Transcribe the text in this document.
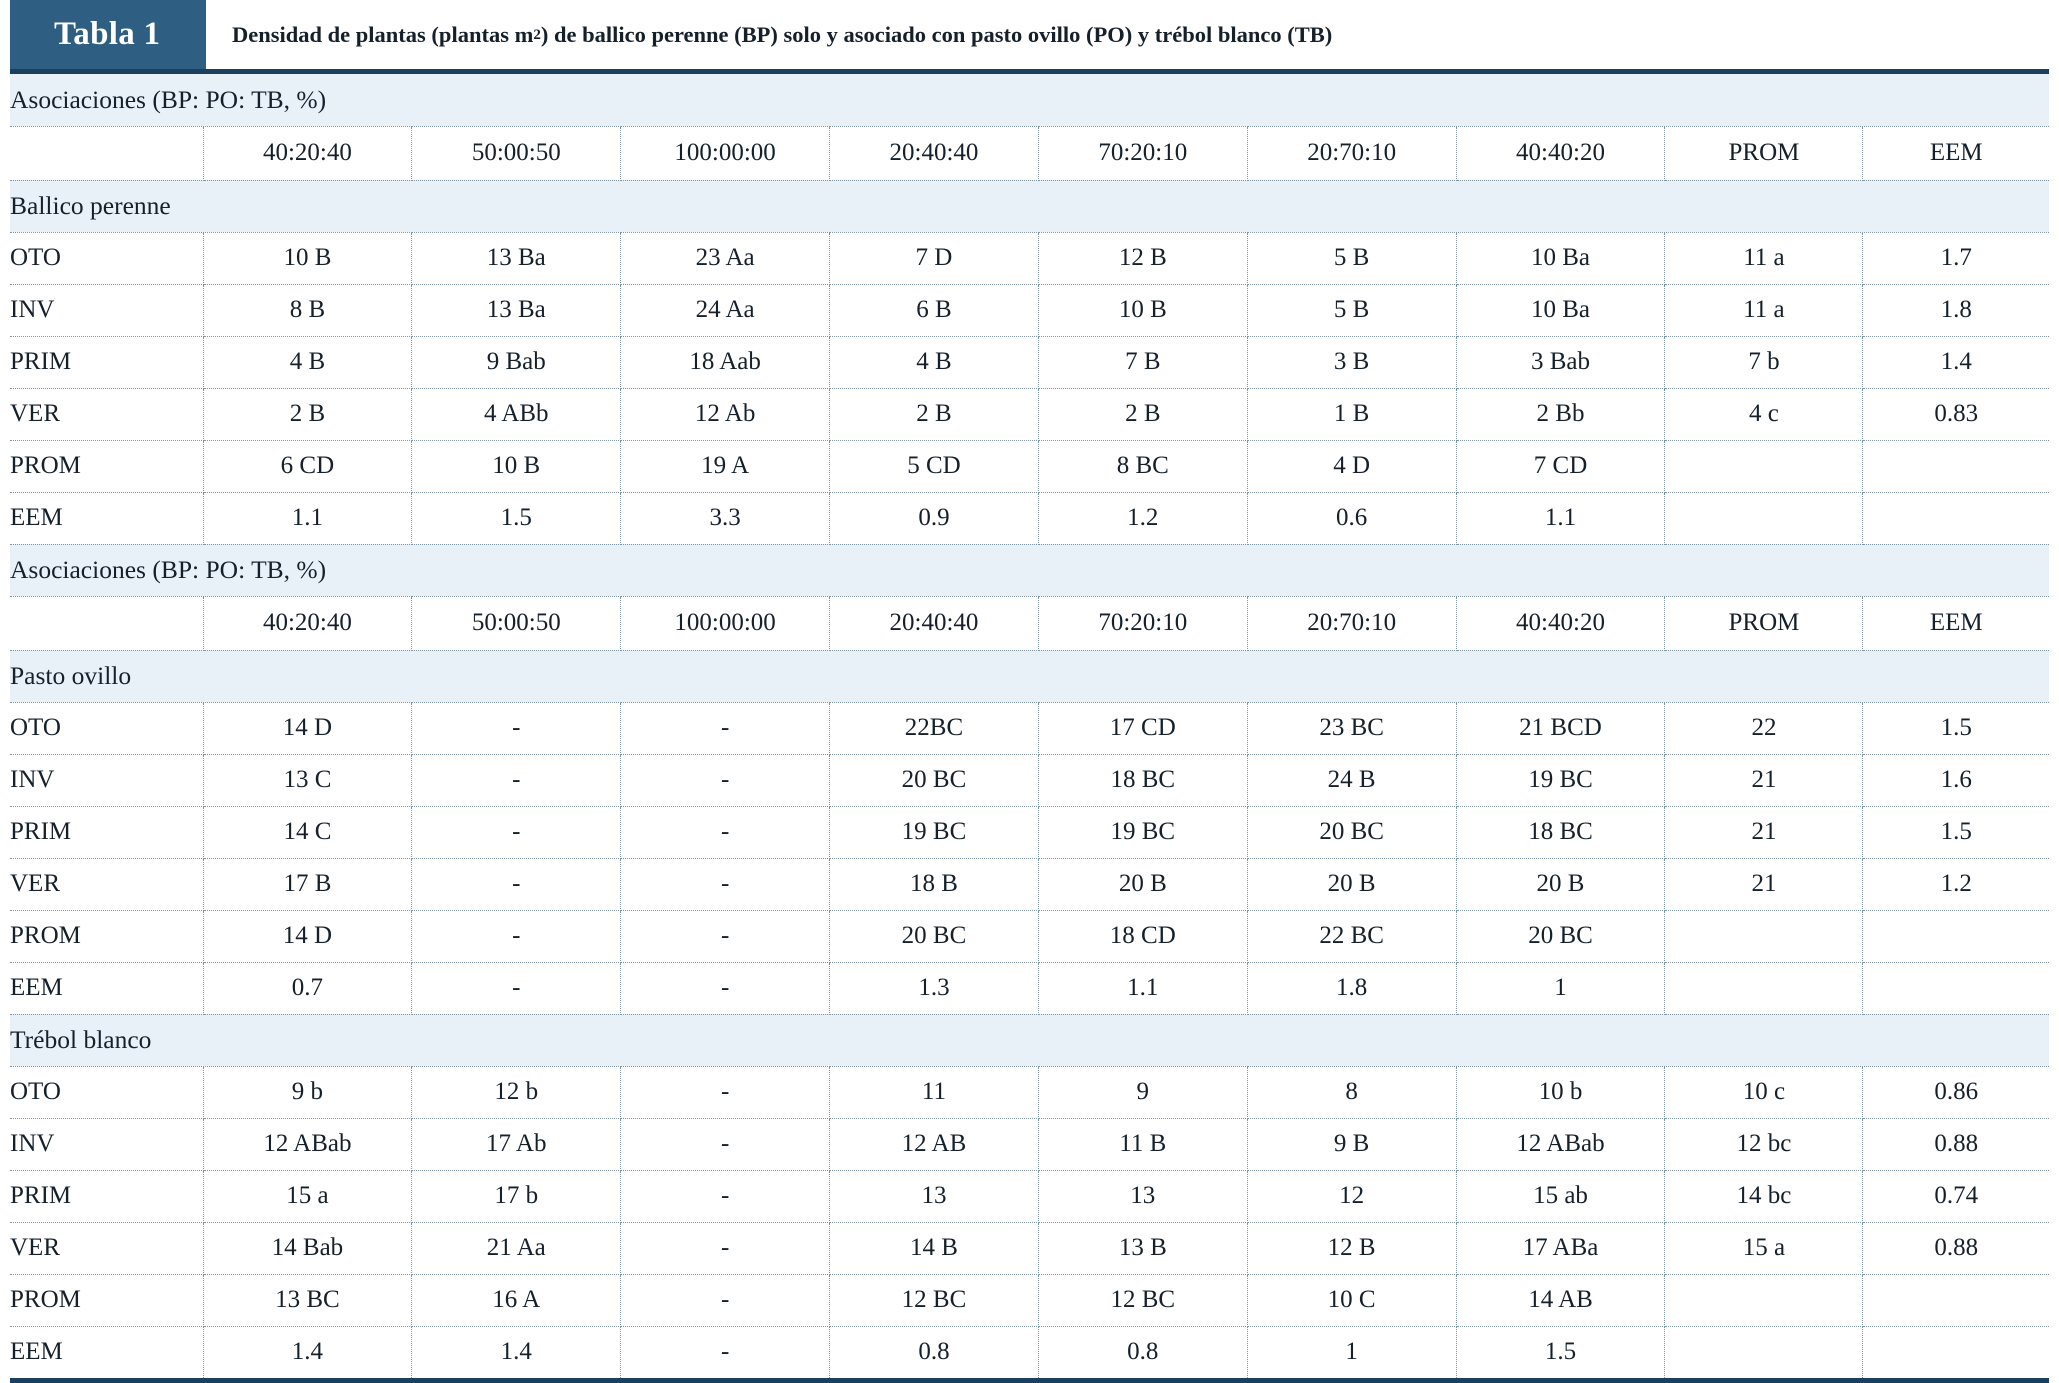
Tabla 1	Densidad de plantas (plantas m 2 ) de ballico perenne (BP) solo y asociado con pasto ovillo (PO) y trébol blanco (TB)
Asociaciones (BP: PO: TB, %)									
	40:20:40	50:00:50	100:00:00	20:40:40	70:20:10	20:70:10	40:40:20	PROM	EEM
Ballico perenne									
OTO	10 B	13 Ba	23 Aa	7 D	12 B	5 B	10 Ba	11 a	1.7
INV	8 B	13 Ba	24 Aa	6 B	10 B	5 B	10 Ba	11 a	1.8
PRIM	4 B	9 Bab	18 Aab	4 B	7 B	3 B	3 Bab	7 b	1.4
VER	2 B	4 ABb	12 Ab	2 B	2 B	1 B	2 Bb	4 c	0.83
PROM	6 CD	10 B	19 A	5 CD	8 BC	4 D	7 CD		
EEM	1.1	1.5	3.3	0.9	1.2	0.6	1.1		
Asociaciones (BP: PO: TB, %)									
	40:20:40	50:00:50	100:00:00	20:40:40	70:20:10	20:70:10	40:40:20	PROM	EEM
Pasto ovillo									
OTO	14 D	-	-	22BC	17 CD	23 BC	21 BCD	22	1.5
INV	13 C	-	-	20 BC	18 BC	24 B	19 BC	21	1.6
PRIM	14 C	-	-	19 BC	19 BC	20 BC	18 BC	21	1.5
VER	17 B	-	-	18 B	20 B	20 B	20 B	21	1.2
PROM	14 D	-	-	20 BC	18 CD	22 BC	20 BC		
EEM	0.7	-	-	1.3	1.1	1.8	1		
Trébol blanco									
OTO	9 b	12 b	-	11	9	8	10 b	10 c	0.86
INV	12 ABab	17 Ab	-	12 AB	11 B	9 B	12 ABab	12 bc	0.88
PRIM	15 a	17 b	-	13	13	12	15 ab	14 bc	0.74
VER	14 Bab	21 Aa	-	14 B	13 B	12 B	17 ABa	15 a	0.88
PROM	13 BC	16 A	-	12 BC	12 BC	10 C	14 AB		
EEM	1.4	1.4	-	0.8	0.8	1	1.5		
